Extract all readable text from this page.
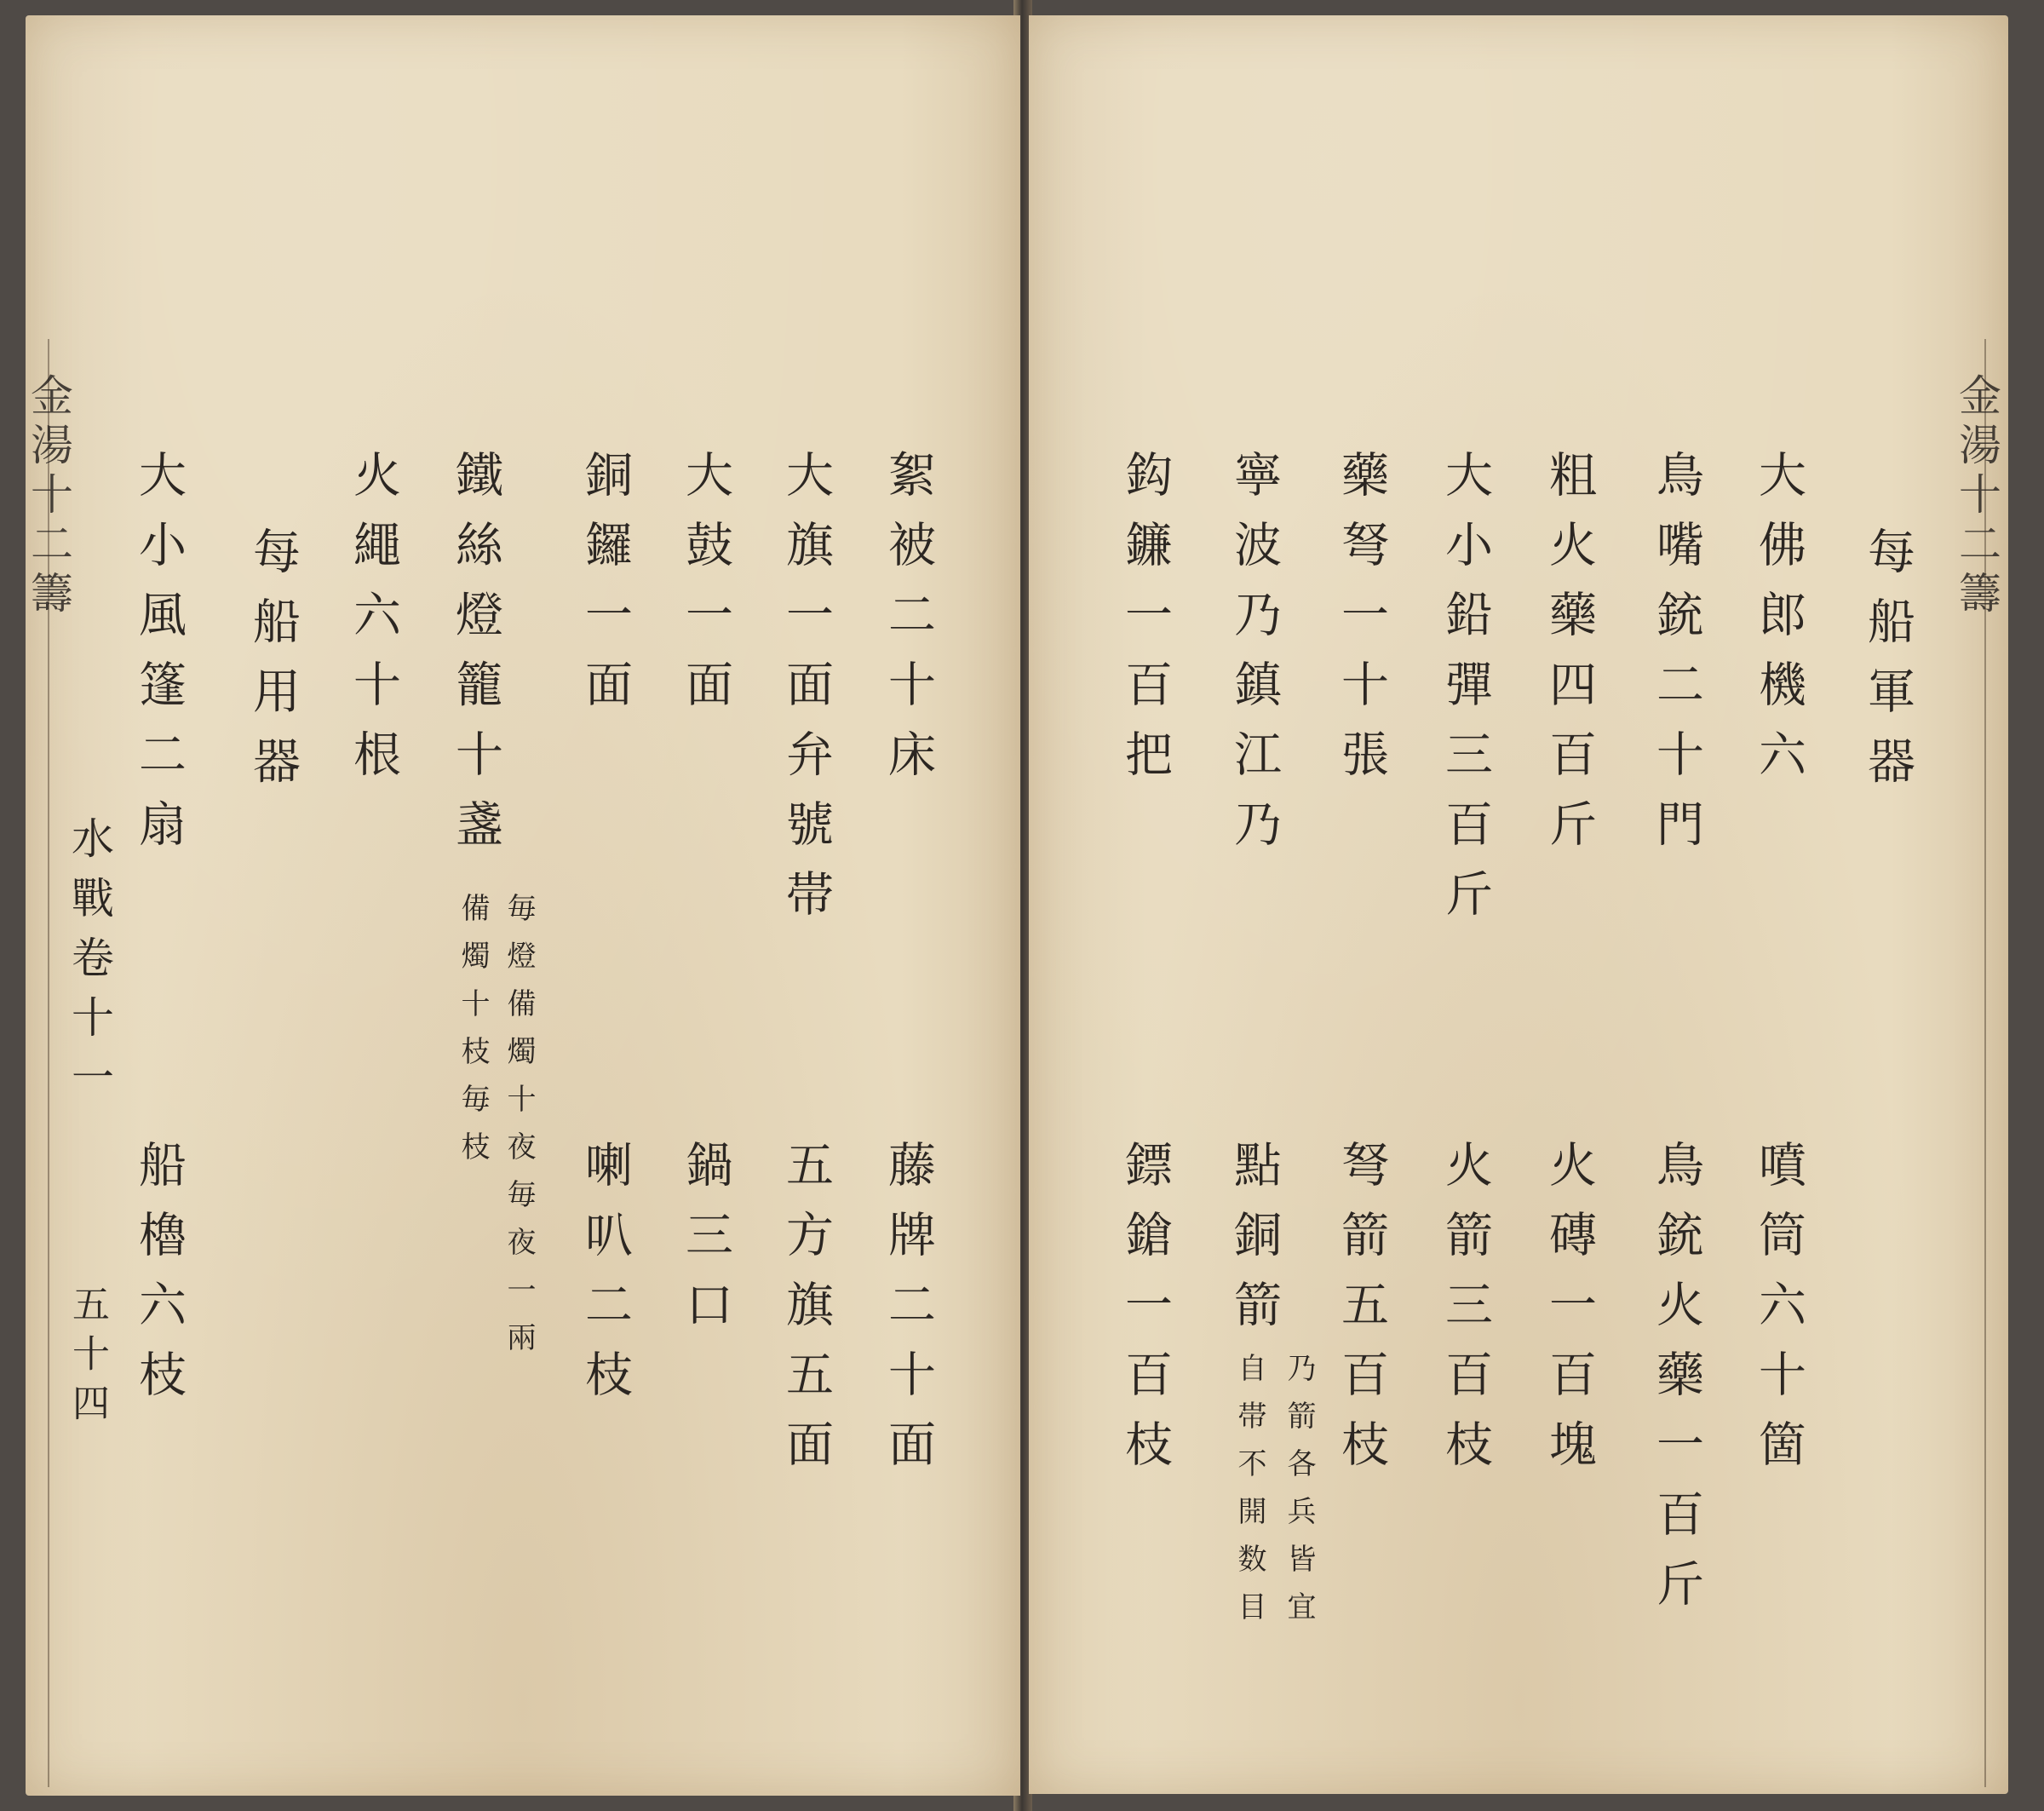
金湯十二籌
水戰卷十一
五十四
絮被二十床
大旗一面弁號帯
大鼓一面
銅鑼一面
鐵絲燈籠十盞
毎燈備燭十夜毎夜一兩
備燭十枝毎枝
火繩六十根
每船用器
大小風篷二扇
藤牌二十面
五方旗五面
鍋三口
喇叭二枝
船櫓六枝
金湯十二籌
每船軍器
大佛郎機六
鳥嘴銃二十門
粗火藥四百斤
大小鉛彈三百斤
藥弩一十張
寧波乃鎮江乃
鈎鐮一百把
噴筒六十箇
鳥銃火藥一百斤
火磚一百塊
火箭三百枝
弩箭五百枝
點銅箭
乃箭各兵皆宜
自帯不開数目
鏢鎗一百枝
